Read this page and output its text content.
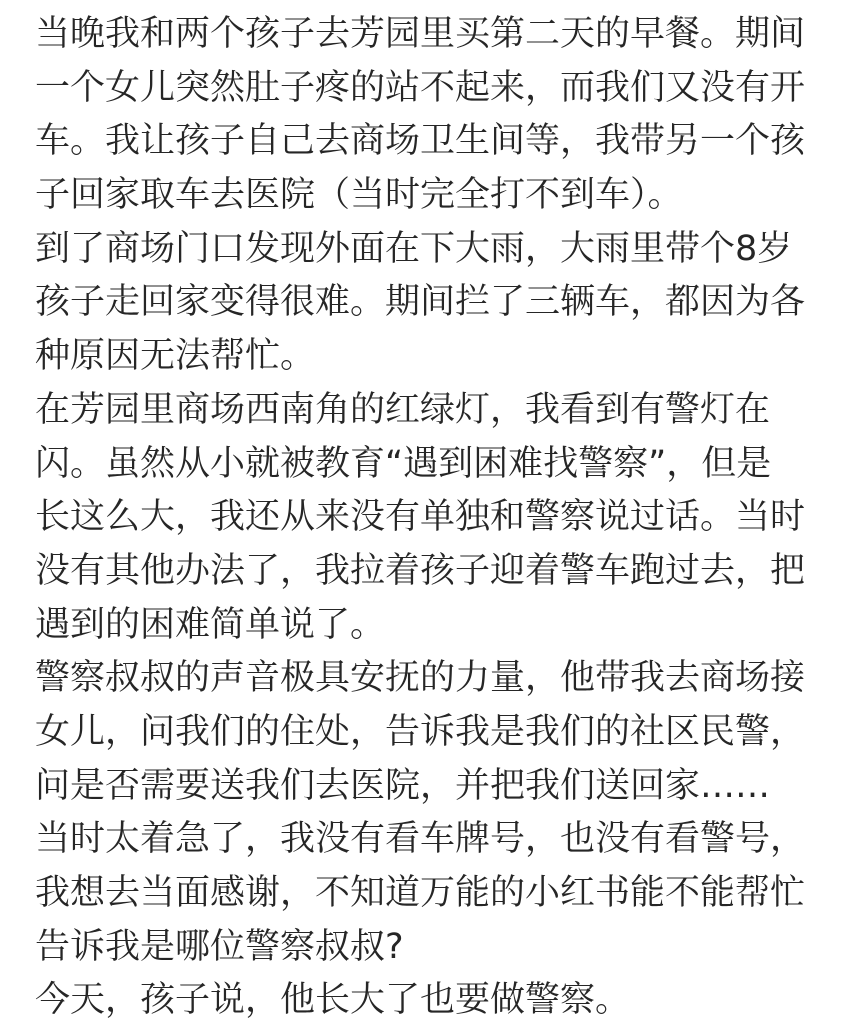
当晚我和两个孩子去芳园里买第二天的早餐。期间
一个女儿突然肚子疼的站不起来，而我们又没有开
车。我让孩子自己去商场卫生间等，我带另一个孩
子回家取车去医院（当时完全打不到车）。
到了商场门口发现外面在下大雨，大雨里带个8岁
孩子走回家变得很难。期间拦了三辆车，都因为各
种原因无法帮忙。
在芳园里商场西南角的红绿灯，我看到有警灯在
闪。虽然从小就被教育“遇到困难找警察”，但是
长这么大，我还从来没有单独和警察说过话。当时
没有其他办法了，我拉着孩子迎着警车跑过去，把
遇到的困难简单说了。
警察叔叔的声音极具安抚的力量，他带我去商场接
女儿，问我们的住处，告诉我是我们的社区民警，
问是否需要送我们去医院，并把我们送回家……
当时太着急了，我没有看车牌号，也没有看警号，
我想去当面感谢，不知道万能的小红书能不能帮忙
告诉我是哪位警察叔叔?
今天，孩子说，他长大了也要做警察。
